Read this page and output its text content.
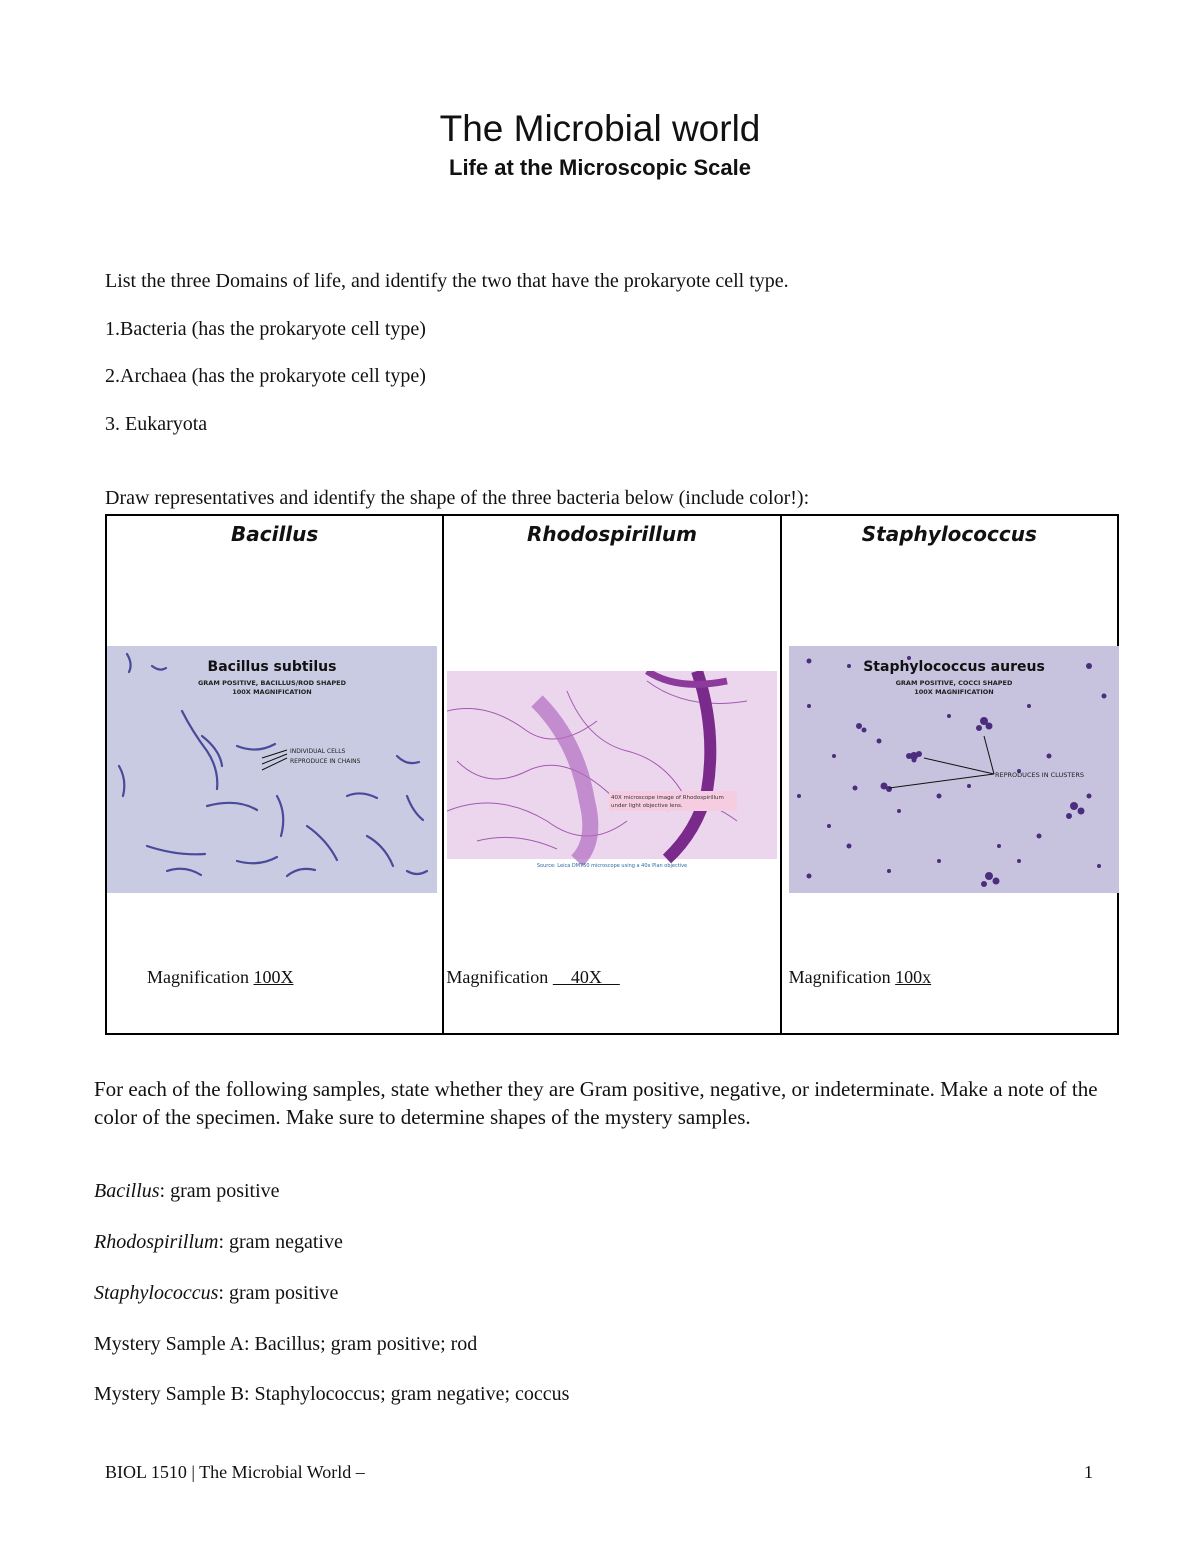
The Microbial world
Life at the Microscopic Scale
List the three Domains of life, and identify the two that have the prokaryote cell type.
1.Bacteria (has the prokaryote cell type)
2.Archaea (has the prokaryote cell type)
3. Eukaryota
Draw representatives and identify the shape of the three bacteria below (include color!):
Bacillus
Bacillus subtilus
GRAM POSITIVE, BACILLUS/ROD SHAPED
100X MAGNIFICATION
INDIVIDUAL CELLS
REPRODUCE IN CHAINS
Magnification 100X

Rhodospirillum
40X microscope image of Rhodospirillum
under light objective lens.
Source: Leica DM750 microscope using a 40x Plan objective
Magnification     40X

Staphylococcus
Staphylococcus aureus
GRAM POSITIVE, COCCI SHAPED
100X MAGNIFICATION
REPRODUCES IN CLUSTERS
Magnification 100x
For each of the following samples, state whether they are Gram positive, negative, or indeterminate. Make a note of the color of the specimen. Make sure to determine shapes of the mystery samples.
Bacillus: gram positive
Rhodospirillum: gram negative
Staphylococcus: gram positive
Mystery Sample A: Bacillus; gram positive; rod
Mystery Sample B: Staphylococcus; gram negative; coccus
BIOL 1510 | The Microbial World –	1
